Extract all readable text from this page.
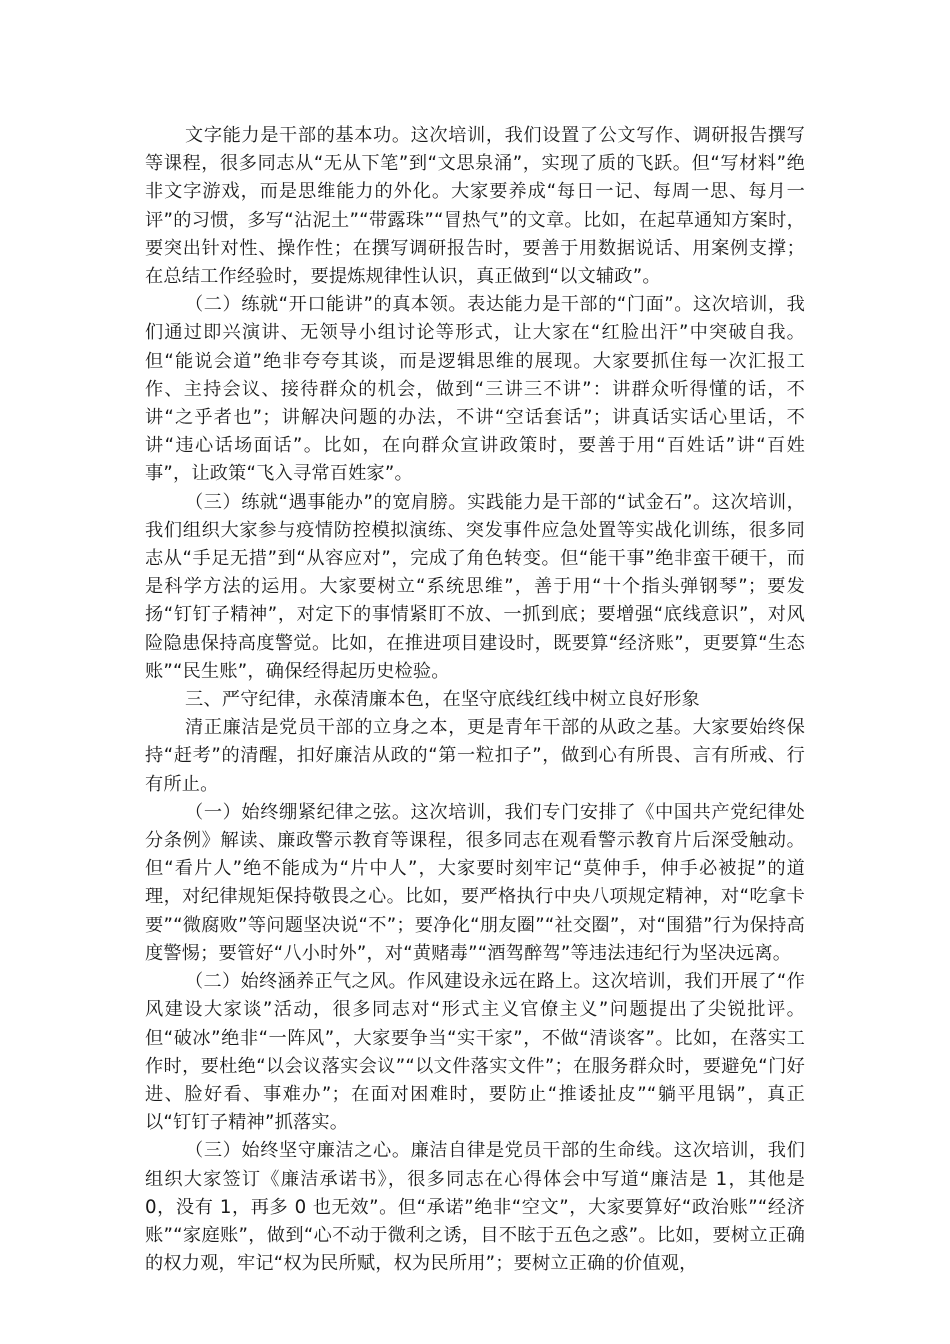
文字能力是干部的基本功。这次培训，我们设置了公文写作、调研报告撰写等课程，很多同志从“无从下笔”到“文思泉涌”，实现了质的飞跃。但“写材料”绝非文字游戏，而是思维能力的外化。大家要养成“每日一记、每周一思、每月一评”的习惯，多写“沾泥土”“带露珠”“冒热气”的文章。比如，在起草通知方案时，要突出针对性、操作性；在撰写调研报告时，要善于用数据说话、用案例支撑；在总结工作经验时，要提炼规律性认识，真正做到“以文辅政”。

（二）练就“开口能讲”的真本领。表达能力是干部的“门面”。这次培训，我们通过即兴演讲、无领导小组讨论等形式，让大家在“红脸出汗”中突破自我。但“能说会道”绝非夸夸其谈，而是逻辑思维的展现。大家要抓住每一次汇报工作、主持会议、接待群众的机会，做到“三讲三不讲”：讲群众听得懂的话，不讲“之乎者也”；讲解决问题的办法，不讲“空话套话”；讲真话实话心里话，不讲“违心话场面话”。比如，在向群众宣讲政策时，要善于用“百姓话”讲“百姓事”，让政策“飞入寻常百姓家”。

（三）练就“遇事能办”的宽肩膀。实践能力是干部的“试金石”。这次培训，我们组织大家参与疫情防控模拟演练、突发事件应急处置等实战化训练，很多同志从“手足无措”到“从容应对”，完成了角色转变。但“能干事”绝非蛮干硬干，而是科学方法的运用。大家要树立“系统思维”，善于用“十个指头弹钢琴”；要发扬“钉钉子精神”，对定下的事情紧盯不放、一抓到底；要增强“底线意识”，对风险隐患保持高度警觉。比如，在推进项目建设时，既要算“经济账”，更要算“生态账”“民生账”，确保经得起历史检验。

三、严守纪律，永葆清廉本色，在坚守底线红线中树立良好形象

清正廉洁是党员干部的立身之本，更是青年干部的从政之基。大家要始终保持“赶考”的清醒，扣好廉洁从政的“第一粒扣子”，做到心有所畏、言有所戒、行有所止。

（一）始终绷紧纪律之弦。这次培训，我们专门安排了《中国共产党纪律处分条例》解读、廉政警示教育等课程，很多同志在观看警示教育片后深受触动。但“看片人”绝不能成为“片中人”，大家要时刻牢记“莫伸手，伸手必被捉”的道理，对纪律规矩保持敬畏之心。比如，要严格执行中央八项规定精神，对“吃拿卡要”“微腐败”等问题坚决说“不”；要净化“朋友圈”“社交圈”，对“围猎”行为保持高度警惕；要管好“八小时外”，对“黄赌毒”“酒驾醉驾”等违法违纪行为坚决远离。

（二）始终涵养正气之风。作风建设永远在路上。这次培训，我们开展了“作风建设大家谈”活动，很多同志对“形式主义官僚主义”问题提出了尖锐批评。但“破冰”绝非“一阵风”，大家要争当“实干家”，不做“清谈客”。比如，在落实工作时，要杜绝“以会议落实会议”“以文件落实文件”；在服务群众时，要避免“门好进、脸好看、事难办”；在面对困难时，要防止“推诿扯皮”“躺平甩锅”，真正以“钉钉子精神”抓落实。

（三）始终坚守廉洁之心。廉洁自律是党员干部的生命线。这次培训，我们组织大家签订《廉洁承诺书》，很多同志在心得体会中写道“廉洁是 1，其他是 0，没有 1，再多 0 也无效”。但“承诺”绝非“空文”，大家要算好“政治账”“经济账”“家庭账”，做到“心不动于微利之诱，目不眩于五色之惑”。比如，要树立正确的权力观，牢记“权为民所赋，权为民所用”；要树立正确的价值观，
